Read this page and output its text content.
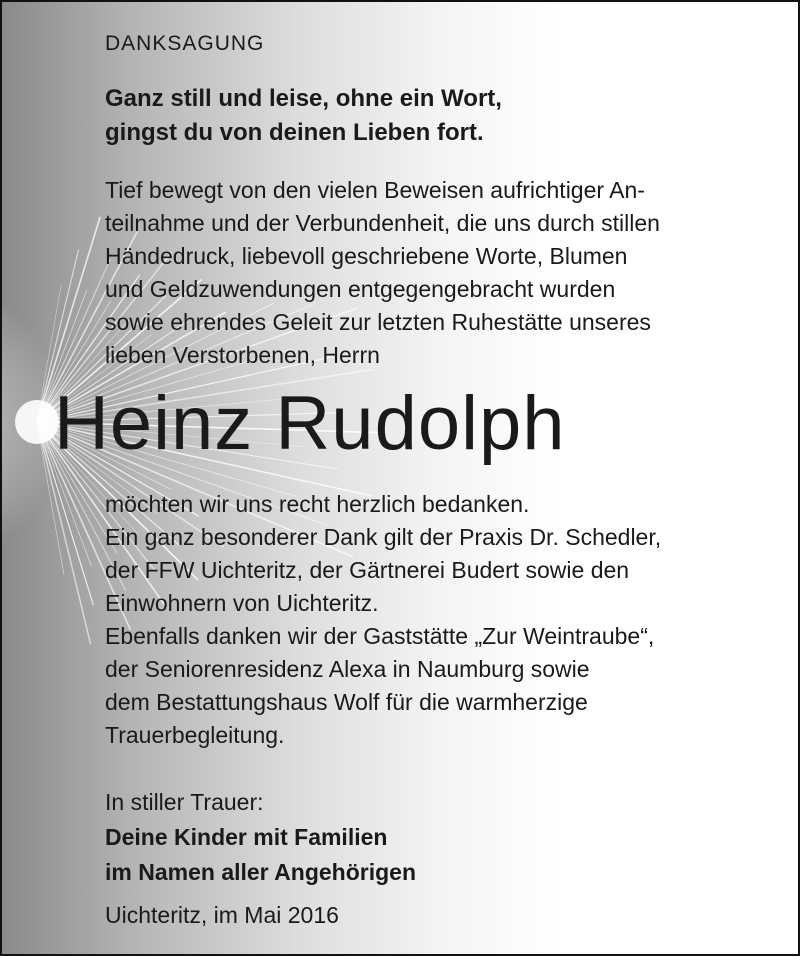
DANKSAGUNG
Ganz still und leise, ohne ein Wort,
gingst du von deinen Lieben fort.
Tief bewegt von den vielen Beweisen aufrichtiger An-
teilnahme und der Verbundenheit, die uns durch stillen
Händedruck, liebevoll geschriebene Worte, Blumen
und Geldzuwendungen entgegengebracht wurden
sowie ehrendes Geleit zur letzten Ruhestätte unseres
lieben Verstorbenen, Herrn
Heinz Rudolph
möchten wir uns recht herzlich bedanken.
Ein ganz besonderer Dank gilt der Praxis Dr. Schedler,
der FFW Uichteritz, der Gärtnerei Budert sowie den
Einwohnern von Uichteritz.
Ebenfalls danken wir der Gaststätte „Zur Weintraube“,
der Seniorenresidenz Alexa in Naumburg sowie
dem Bestattungshaus Wolf für die warmherzige
Trauerbegleitung.
In stiller Trauer:
Deine Kinder mit Familien
im Namen aller Angehörigen
Uichteritz, im Mai 2016
